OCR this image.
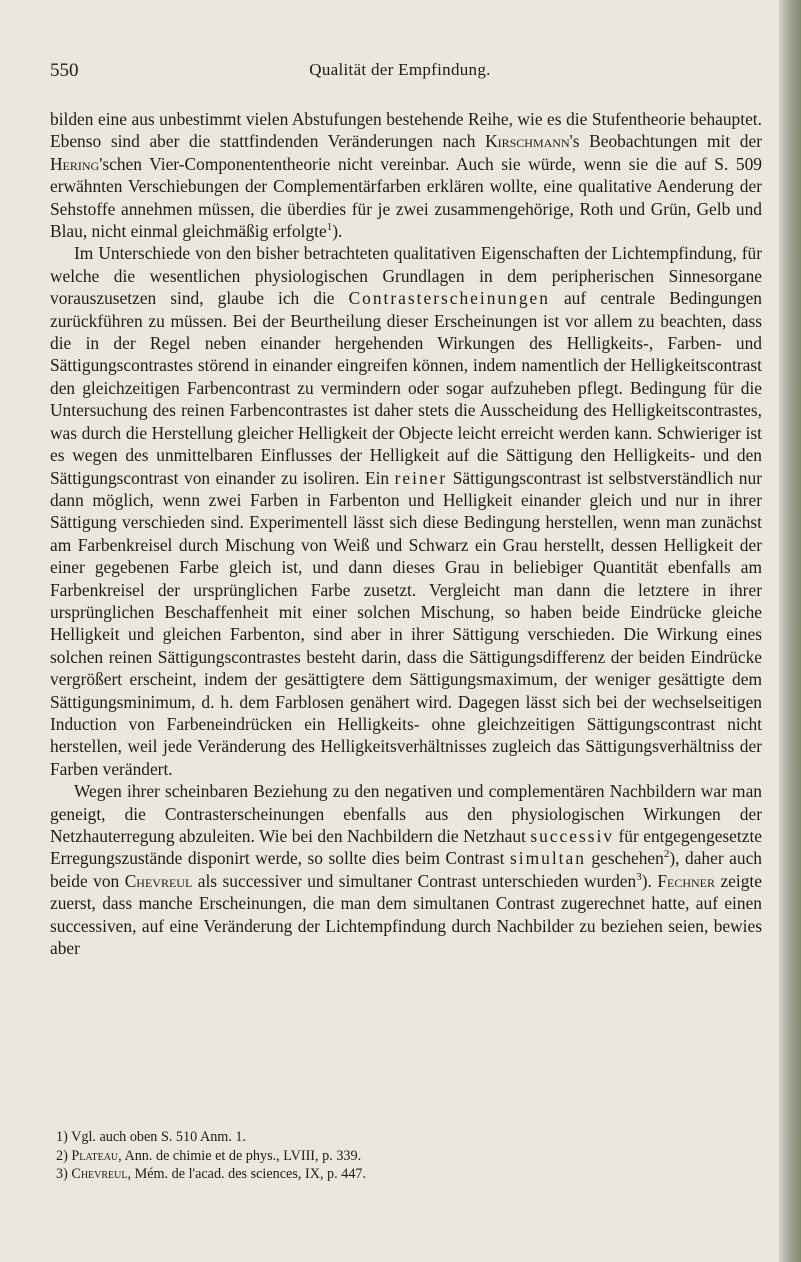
550	Qualität der Empfindung.

bilden eine aus unbestimmt vielen Abstufungen bestehende Reihe, wie es die Stufentheorie behauptet. Ebenso sind aber die stattfindenden Veränderungen nach Kirschmann's Beobachtungen mit der Hering'schen Vier-Componententheorie nicht vereinbar. Auch sie würde, wenn sie die auf S. 509 erwähnten Verschiebungen der Complementärfarben erklären wollte, eine qualitative Aenderung der Sehstoffe annehmen müssen, die überdies für je zwei zusammengehörige, Roth und Grün, Gelb und Blau, nicht einmal gleichmäßig erfolgte$^1$).

Im Unterschiede von den bisher betrachteten qualitativen Eigenschaften der Lichtempfindung, für welche die wesentlichen physiologischen Grundlagen in dem peripherischen Sinnesorgane vorauszusetzen sind, glaube ich die Contrasterscheinungen auf centrale Bedingungen zurückführen zu müssen. Bei der Beurtheilung dieser Erscheinungen ist vor allem zu beachten, dass die in der Regel neben einander hergehenden Wirkungen des Helligkeits-, Farben- und Sättigungscontrastes störend in einander eingreifen können, indem namentlich der Helligkeitscontrast den gleichzeitigen Farbencontrast zu vermindern oder sogar aufzuheben pflegt. Bedingung für die Untersuchung des reinen Farbencontrastes ist daher stets die Ausscheidung des Helligkeitscontrastes, was durch die Herstellung gleicher Helligkeit der Objecte leicht erreicht werden kann. Schwieriger ist es wegen des unmittelbaren Einflusses der Helligkeit auf die Sättigung den Helligkeits- und den Sättigungscontrast von einander zu isoliren. Ein reiner Sättigungscontrast ist selbstverständlich nur dann möglich, wenn zwei Farben in Farbenton und Helligkeit einander gleich und nur in ihrer Sättigung verschieden sind. Experimentell lässt sich diese Bedingung herstellen, wenn man zunächst am Farbenkreisel durch Mischung von Weiß und Schwarz ein Grau herstellt, dessen Helligkeit der einer gegebenen Farbe gleich ist, und dann dieses Grau in beliebiger Quantität ebenfalls am Farbenkreisel der ursprünglichen Farbe zusetzt. Vergleicht man dann die letztere in ihrer ursprünglichen Beschaffenheit mit einer solchen Mischung, so haben beide Eindrücke gleiche Helligkeit und gleichen Farbenton, sind aber in ihrer Sättigung verschieden. Die Wirkung eines solchen reinen Sättigungscontrastes besteht darin, dass die Sättigungsdifferenz der beiden Eindrücke vergrößert erscheint, indem der gesättigtere dem Sättigungsmaximum, der weniger gesättigte dem Sättigungsminimum, d. h. dem Farblosen genähert wird. Dagegen lässt sich bei der wechselseitigen Induction von Farbeneindrücken ein Helligkeits- ohne gleichzeitigen Sättigungscontrast nicht herstellen, weil jede Veränderung des Helligkeitsverhältnisses zugleich das Sättigungsverhältniss der Farben verändert.

Wegen ihrer scheinbaren Beziehung zu den negativen und complementären Nachbildern war man geneigt, die Contrasterscheinungen ebenfalls aus den physiologischen Wirkungen der Netzhauterregung abzuleiten. Wie bei den Nachbildern die Netzhaut successiv für entgegengesetzte Erregungszustände disponirt werde, so sollte dies beim Contrast simultan geschehen$^2$), daher auch beide von Chevreul als successiver und simultaner Contrast unterschieden wurden$^3$). Fechner zeigte zuerst, dass manche Erscheinungen, die man dem simultanen Contrast zugerechnet hatte, auf einen successiven, auf eine Veränderung der Lichtempfindung durch Nachbilder zu beziehen seien, bewies aber

1) Vgl. auch oben S. 510 Anm. 1.
2) Plateau, Ann. de chimie et de phys., LVIII, p. 339.
3) Chevreul, Mém. de l'acad. des sciences, IX, p. 447.
